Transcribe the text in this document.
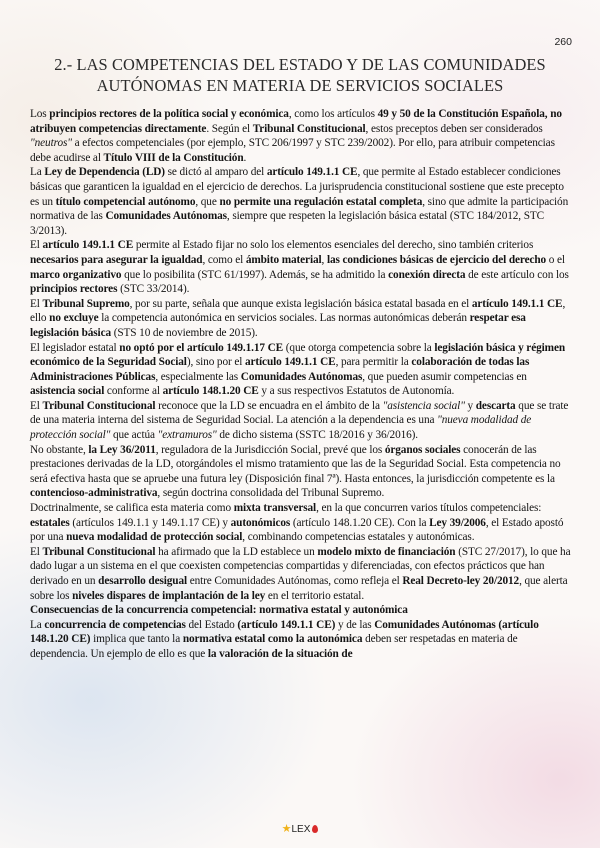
260
2.- LAS COMPETENCIAS DEL ESTADO Y DE LAS COMUNIDADES
AUTÓNOMAS EN MATERIA DE SERVICIOS SOCIALES

Los principios rectores de la política social y económica, como los artículos 49 y 50 de la Constitución Española, no atribuyen competencias directamente. Según el Tribunal Constitucional, estos preceptos deben ser considerados "neutros" a efectos competenciales (por ejemplo, STC 206/1997 y STC 239/2002). Por ello, para atribuir competencias debe acudirse al Título VIII de la Constitución.

La Ley de Dependencia (LD) se dictó al amparo del artículo 149.1.1 CE, que permite al Estado establecer condiciones básicas que garanticen la igualdad en el ejercicio de derechos. La jurisprudencia constitucional sostiene que este precepto es un título competencial autónomo, que no permite una regulación estatal completa, sino que admite la participación normativa de las Comunidades Autónomas, siempre que respeten la legislación básica estatal (STC 184/2012, STC 3/2013).

El artículo 149.1.1 CE permite al Estado fijar no solo los elementos esenciales del derecho, sino también criterios necesarios para asegurar la igualdad, como el ámbito material, las condiciones básicas de ejercicio del derecho o el marco organizativo que lo posibilita (STC 61/1997). Además, se ha admitido la conexión directa de este artículo con los principios rectores (STC 33/2014).

El Tribunal Supremo, por su parte, señala que aunque exista legislación básica estatal basada en el artículo 149.1.1 CE, ello no excluye la competencia autonómica en servicios sociales. Las normas autonómicas deberán respetar esa legislación básica (STS 10 de noviembre de 2015).

El legislador estatal no optó por el artículo 149.1.17 CE (que otorga competencia sobre la legislación básica y régimen económico de la Seguridad Social), sino por el artículo 149.1.1 CE, para permitir la colaboración de todas las Administraciones Públicas, especialmente las Comunidades Autónomas, que pueden asumir competencias en asistencia social conforme al artículo 148.1.20 CE y a sus respectivos Estatutos de Autonomía.

El Tribunal Constitucional reconoce que la LD se encuadra en el ámbito de la "asistencia social" y descarta que se trate de una materia interna del sistema de Seguridad Social. La atención a la dependencia es una "nueva modalidad de protección social" que actúa "extramuros" de dicho sistema (SSTC 18/2016 y 36/2016).

No obstante, la Ley 36/2011, reguladora de la Jurisdicción Social, prevé que los órganos sociales conocerán de las prestaciones derivadas de la LD, otorgándoles el mismo tratamiento que las de la Seguridad Social. Esta competencia no será efectiva hasta que se apruebe una futura ley (Disposición final 7ª). Hasta entonces, la jurisdicción competente es la contencioso-administrativa, según doctrina consolidada del Tribunal Supremo.

Doctrinalmente, se califica esta materia como mixta transversal, en la que concurren varios títulos competenciales: estatales (artículos 149.1.1 y 149.1.17 CE) y autonómicos (artículo 148.1.20 CE). Con la Ley 39/2006, el Estado apostó por una nueva modalidad de protección social, combinando competencias estatales y autonómicas.

El Tribunal Constitucional ha afirmado que la LD establece un modelo mixto de financiación (STC 27/2017), lo que ha dado lugar a un sistema en el que coexisten competencias compartidas y diferenciadas, con efectos prácticos que han derivado en un desarrollo desigual entre Comunidades Autónomas, como refleja el Real Decreto-ley 20/2012, que alerta sobre los niveles dispares de implantación de la ley en el territorio estatal.

Consecuencias de la concurrencia competencial: normativa estatal y autonómica

La concurrencia de competencias del Estado (artículo 149.1.1 CE) y de las Comunidades Autónomas (artículo 148.1.20 CE) implica que tanto la normativa estatal como la autonómica deben ser respetadas en materia de dependencia. Un ejemplo de ello es que la valoración de la situación de

★LEX
